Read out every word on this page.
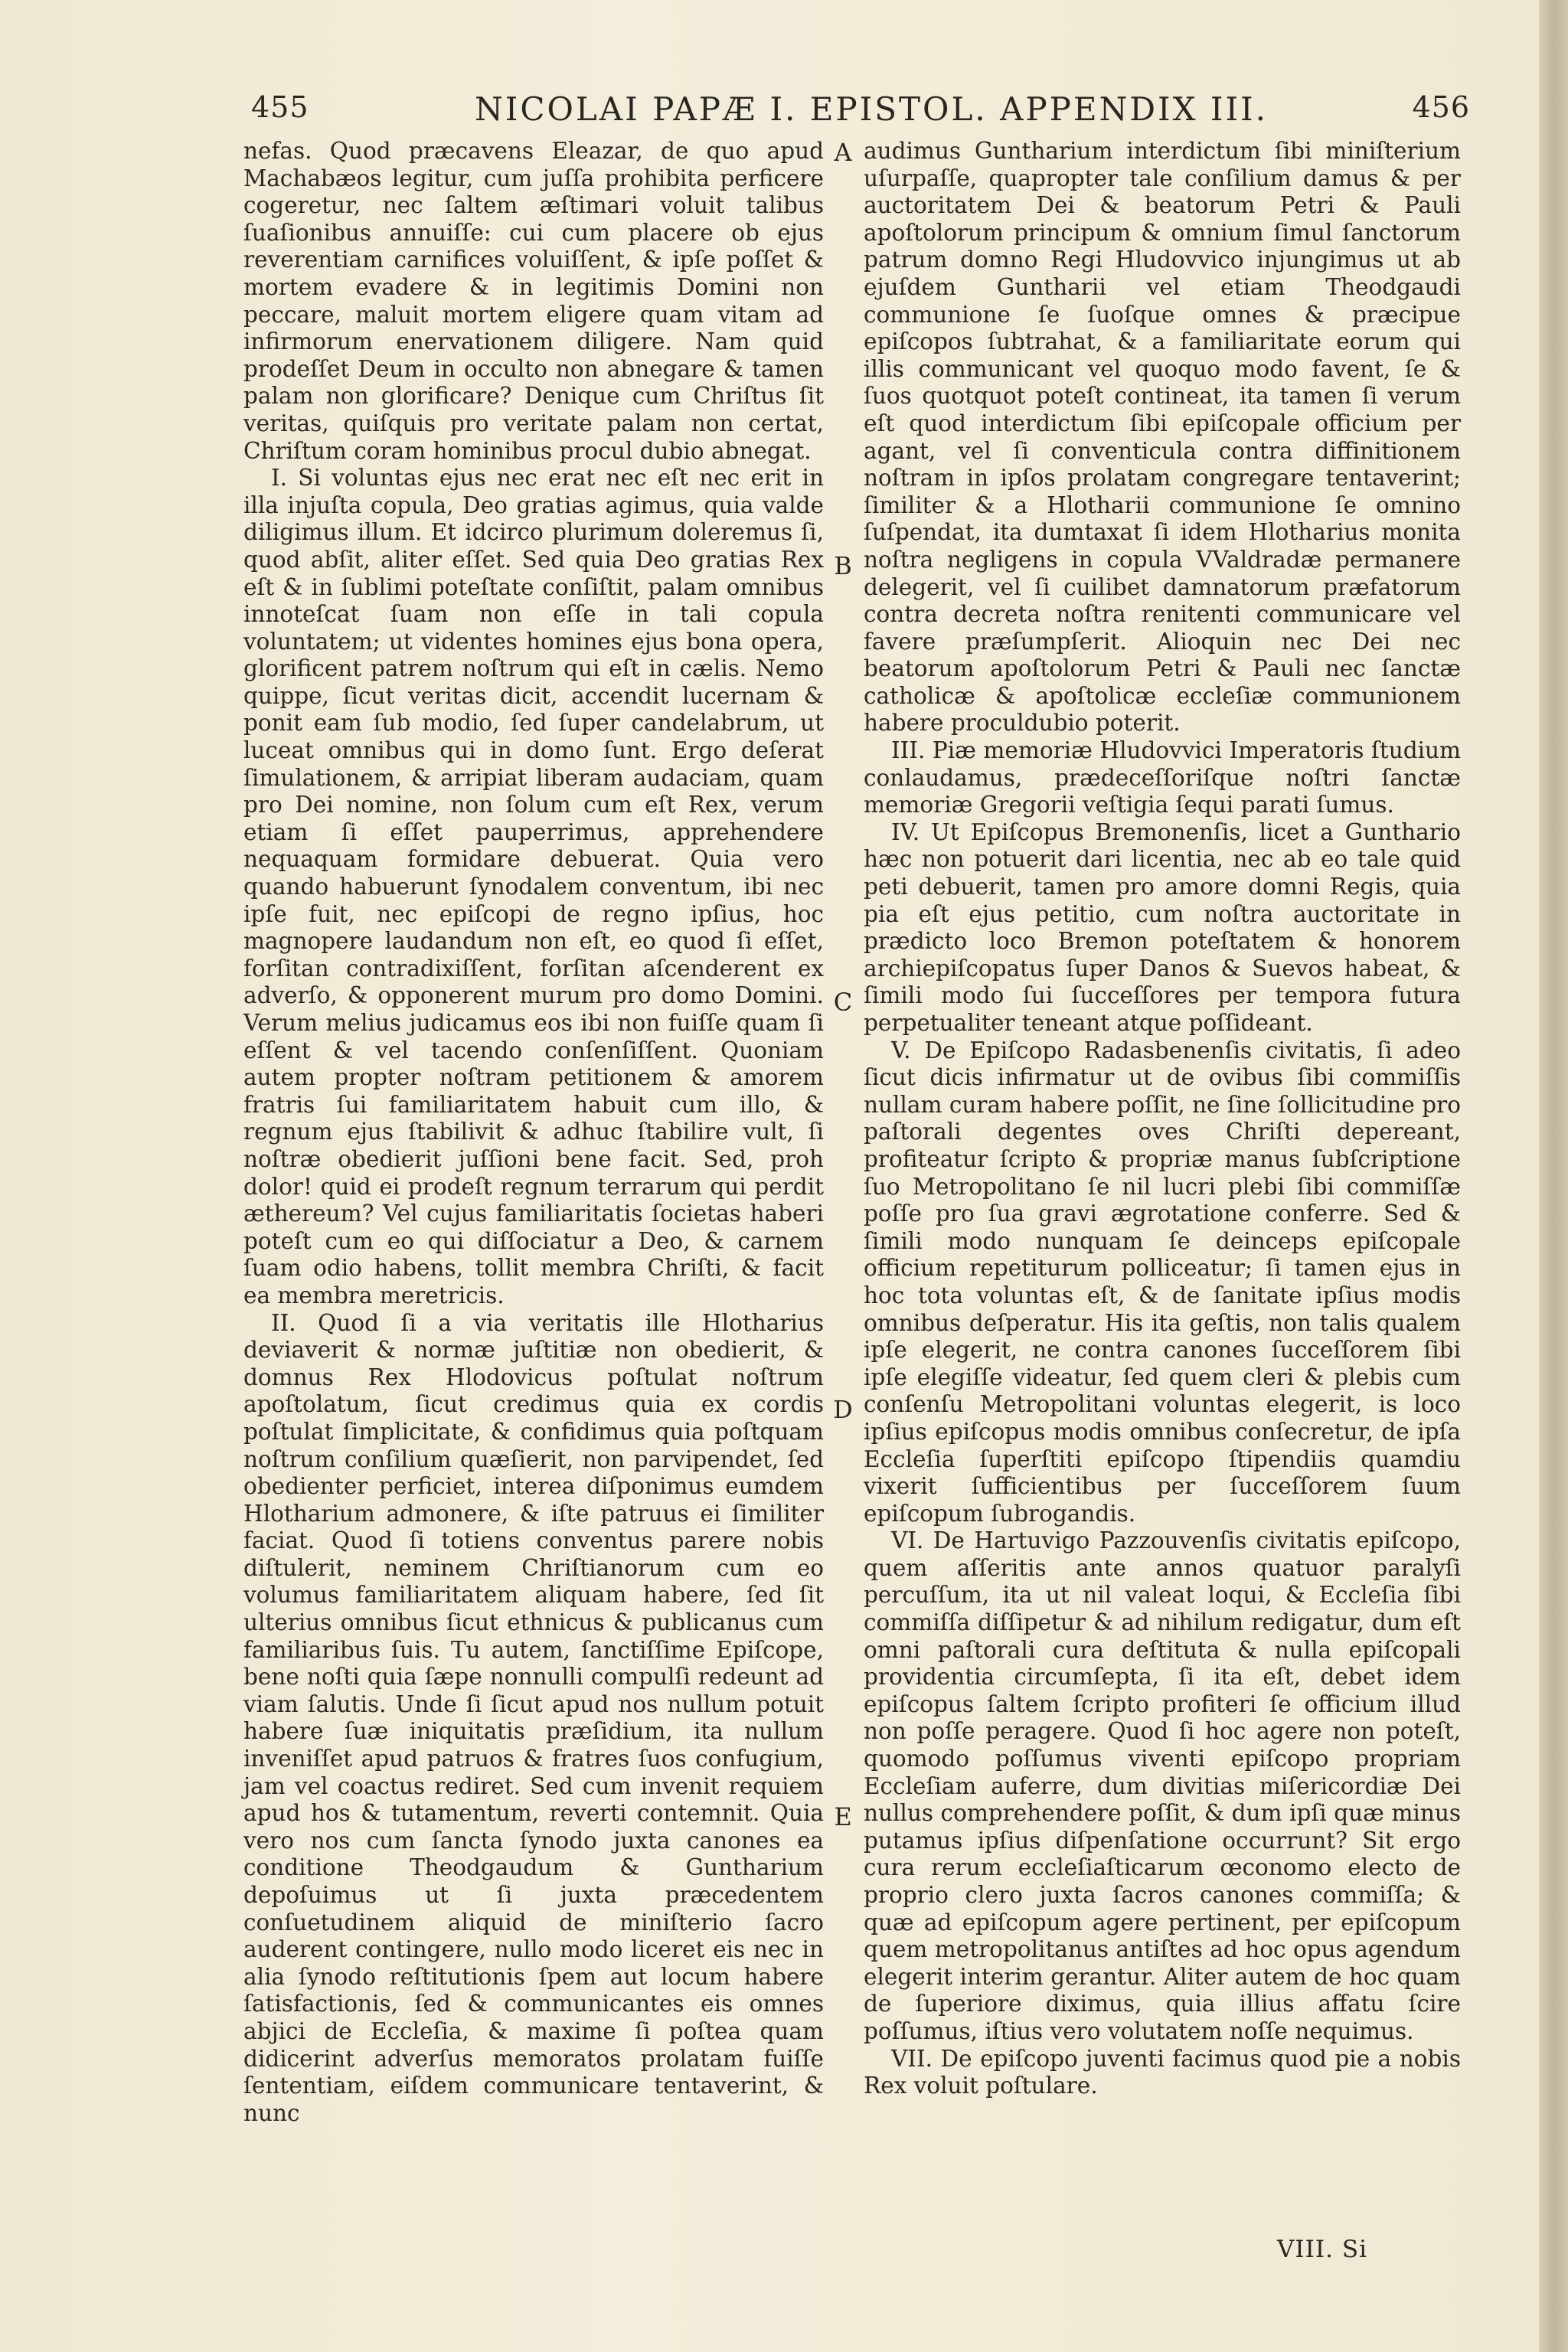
455	NICOLAI PAPÆ I. EPISTOL. APPENDIX III.	456

nefas. Quod præcavens Eleazar, de quo apud Machabæos legitur, cum juſſa prohibita perficere cogeretur, nec ſaltem æſtimari voluit talibus ſuaſionibus annuiſſe: cui cum placere ob ejus reverentiam carnifices voluiſſent, & ipſe poſſet & mortem evadere & in legitimis Domini non peccare, maluit mortem eligere quam vitam ad infirmorum enervationem diligere. Nam quid prodeſſet Deum in occulto non abnegare & tamen palam non glorificare? Denique cum Chriſtus ſit veritas, quiſquis pro veritate palam non certat, Chriſtum coram hominibus procul dubio abnegat.

I. Si voluntas ejus nec erat nec eſt nec erit in illa injuſta copula, Deo gratias agimus, quia valde diligimus illum. Et idcirco plurimum doleremus ſi, quod abſit, aliter eſſet. Sed quia Deo gratias Rex eſt & in ſublimi poteſtate conſiſtit, palam omnibus innoteſcat ſuam non eſſe in tali copula voluntatem; ut videntes homines ejus bona opera, glorificent patrem noſtrum qui eſt in cælis. Nemo quippe, ſicut veritas dicit, accendit lucernam & ponit eam ſub modio, ſed ſuper candelabrum, ut luceat omnibus qui in domo ſunt. Ergo deſerat ſimulationem, & arripiat liberam audaciam, quam pro Dei nomine, non ſolum cum eſt Rex, verum etiam ſi eſſet pauperrimus, apprehendere nequaquam formidare debuerat. Quia vero quando habuerunt ſynodalem conventum, ibi nec ipſe fuit, nec epiſcopi de regno ipſius, hoc magnopere laudandum non eſt, eo quod ſi eſſet, forſitan contradixiſſent, forſitan aſcenderent ex adverſo, & opponerent murum pro domo Domini. Verum melius judicamus eos ibi non fuiſſe quam ſi eſſent & vel tacendo conſenſiſſent. Quoniam autem propter noſtram petitionem & amorem fratris ſui familiaritatem habuit cum illo, & regnum ejus ſtabilivit & adhuc ſtabilire vult, ſi noſtræ obedierit juſſioni bene facit. Sed, proh dolor! quid ei prodeſt regnum terrarum qui perdit æthereum? Vel cujus familiaritatis ſocietas haberi poteſt cum eo qui diſſociatur a Deo, & carnem ſuam odio habens, tollit membra Chriſti, & facit ea membra meretricis.

II. Quod ſi a via veritatis ille Hlotharius deviaverit & normæ juſtitiæ non obedierit, & domnus Rex Hlodovicus poſtulat noſtrum apoſtolatum, ſicut credimus quia ex cordis poſtulat ſimplicitate, & confidimus quia poſtquam noſtrum conſilium quæſierit, non parvipendet, ſed obedienter perficiet, interea diſponimus eumdem Hlotharium admonere, & iſte patruus ei ſimiliter faciat. Quod ſi totiens conventus parere nobis diſtulerit, neminem Chriſtianorum cum eo volumus familiaritatem aliquam habere, ſed ſit ulterius omnibus ſicut ethnicus & publicanus cum familiaribus ſuis. Tu autem, ſanctiſſime Epiſcope, bene noſti quia ſæpe nonnulli compulſi redeunt ad viam ſalutis. Unde ſi ſicut apud nos nullum potuit habere ſuæ iniquitatis præſidium, ita nullum inveniſſet apud patruos & fratres ſuos confugium, jam vel coactus rediret. Sed cum invenit requiem apud hos & tutamentum, reverti contemnit. Quia vero nos cum ſancta ſynodo juxta canones ea conditione Theodgaudum & Guntharium depoſuimus ut ſi juxta præcedentem conſuetudinem aliquid de miniſterio ſacro auderent contingere, nullo modo liceret eis nec in alia ſynodo reſtitutionis ſpem aut locum habere ſatisfactionis, ſed & communicantes eis omnes abjici de Eccleſia, & maxime ſi poſtea quam didicerint adverſus memoratos prolatam fuiſſe ſententiam, eiſdem communicare tentaverint, & nunc

A
B
C
D
E

audimus Guntharium interdictum ſibi miniſterium uſurpaſſe, quapropter tale conſilium damus & per auctoritatem Dei & beatorum Petri & Pauli apoſtolorum principum & omnium ſimul ſanctorum patrum domno Regi Hludovvico injungimus ut ab ejuſdem Guntharii vel etiam Theodgaudi communione ſe ſuoſque omnes & præcipue epiſcopos ſubtrahat, & a familiaritate eorum qui illis communicant vel quoquo modo favent, ſe & ſuos quotquot poteſt contineat, ita tamen ſi verum eſt quod interdictum ſibi epiſcopale officium per agant, vel ſi conventicula contra diffinitionem noſtram in ipſos prolatam congregare tentaverint; ſimiliter & a Hlotharii communione ſe omnino ſuſpendat, ita dumtaxat ſi idem Hlotharius monita noſtra negligens in copula VValdradæ permanere delegerit, vel ſi cuilibet damnatorum præfatorum contra decreta noſtra renitenti communicare vel favere præſumpſerit. Alioquin nec Dei nec beatorum apoſtolorum Petri & Pauli nec ſanctæ catholicæ & apoſtolicæ eccleſiæ communionem habere proculdubio poterit.

III. Piæ memoriæ Hludovvici Imperatoris ſtudium conlaudamus, prædeceſſoriſque noſtri ſanctæ memoriæ Gregorii veſtigia ſequi parati ſumus.

IV. Ut Epiſcopus Bremonenſis, licet a Gunthario hæc non potuerit dari licentia, nec ab eo tale quid peti debuerit, tamen pro amore domni Regis, quia pia eſt ejus petitio, cum noſtra auctoritate in prædicto loco Bremon poteſtatem & honorem archiepiſcopatus ſuper Danos & Suevos habeat, & ſimili modo ſui ſucceſſores per tempora futura perpetualiter teneant atque poſſideant.

V. De Epiſcopo Radasbenenſis civitatis, ſi adeo ſicut dicis infirmatur ut de ovibus ſibi commiſſis nullam curam habere poſſit, ne ſine ſollicitudine pro paſtorali degentes oves Chriſti depereant, profiteatur ſcripto & propriæ manus ſubſcriptione ſuo Metropolitano ſe nil lucri plebi ſibi commiſſæ poſſe pro ſua gravi ægrotatione conferre. Sed & ſimili modo nunquam ſe deinceps epiſcopale officium repetiturum polliceatur; ſi tamen ejus in hoc tota voluntas eſt, & de ſanitate ipſius modis omnibus deſperatur. His ita geſtis, non talis qualem ipſe elegerit, ne contra canones ſucceſſorem ſibi ipſe elegiſſe videatur, ſed quem cleri & plebis cum conſenſu Metropolitani voluntas elegerit, is loco ipſius epiſcopus modis omnibus conſecretur, de ipſa Eccleſia ſuperſtiti epiſcopo ſtipendiis quamdiu vixerit ſufficientibus per ſucceſſorem ſuum epiſcopum ſubrogandis.

VI. De Hartuvigo Pazzouvenſis civitatis epiſcopo, quem aſſeritis ante annos quatuor paralyſi percuſſum, ita ut nil valeat loqui, & Eccleſia ſibi commiſſa diſſipetur & ad nihilum redigatur, dum eſt omni paſtorali cura deſtituta & nulla epiſcopali providentia circumſepta, ſi ita eſt, debet idem epiſcopus ſaltem ſcripto profiteri ſe officium illud non poſſe peragere. Quod ſi hoc agere non poteſt, quomodo poſſumus viventi epiſcopo propriam Eccleſiam auferre, dum divitias miſericordiæ Dei nullus comprehendere poſſit, & dum ipſi quæ minus putamus ipſius diſpenſatione occurrunt? Sit ergo cura rerum eccleſiaſticarum œconomo electo de proprio clero juxta ſacros canones commiſſa; & quæ ad epiſcopum agere pertinent, per epiſcopum quem metropolitanus antiſtes ad hoc opus agendum elegerit interim gerantur. Aliter autem de hoc quam de ſuperiore diximus, quia illius affatu ſcire poſſumus, iſtius vero volutatem noſſe nequimus.

VII. De epiſcopo juventi facimus quod pie a nobis Rex voluit poſtulare.

VIII. Si
